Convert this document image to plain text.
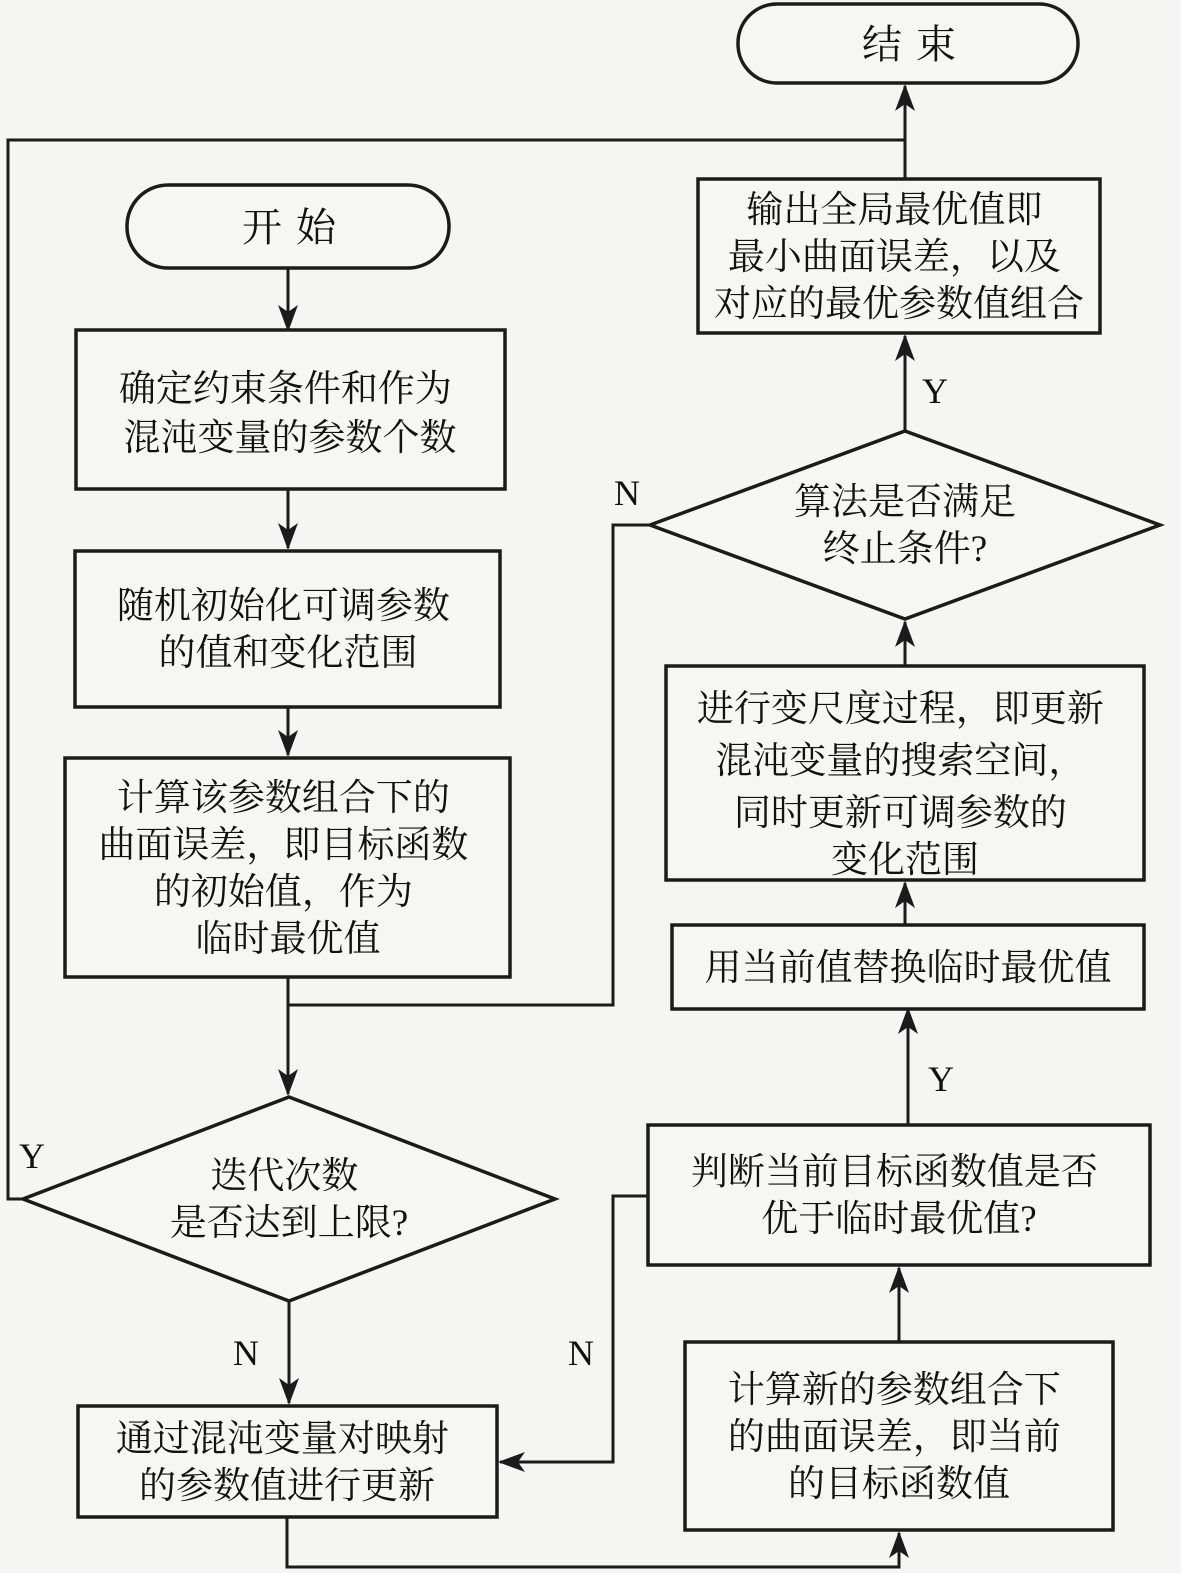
Y
N
Y
N
Y
N
开始
确定约束条件和作为 混沌变量的参数个数
随机初始化可调参数 的值和变化范围
计算该参数组合下的 曲面误差，即目标函数 的初始值，作为 临时最优值
迭代次数 是否达到上限?
通过混沌变量对映射 的参数值进行更新
结束
输出全局最优值即 最小曲面误差，以及 对应的最优参数值组合
算法是否满足终止条件?
进行变尺度过程，即更新 混沌变量的搜索空间， 同时更新可调参数的 变化范围
用当前值替换临时最优值
判断当前目标函数值是否 优于临时最优值?
计算新的参数组合下 的曲面误差，即当前 的目标函数值
